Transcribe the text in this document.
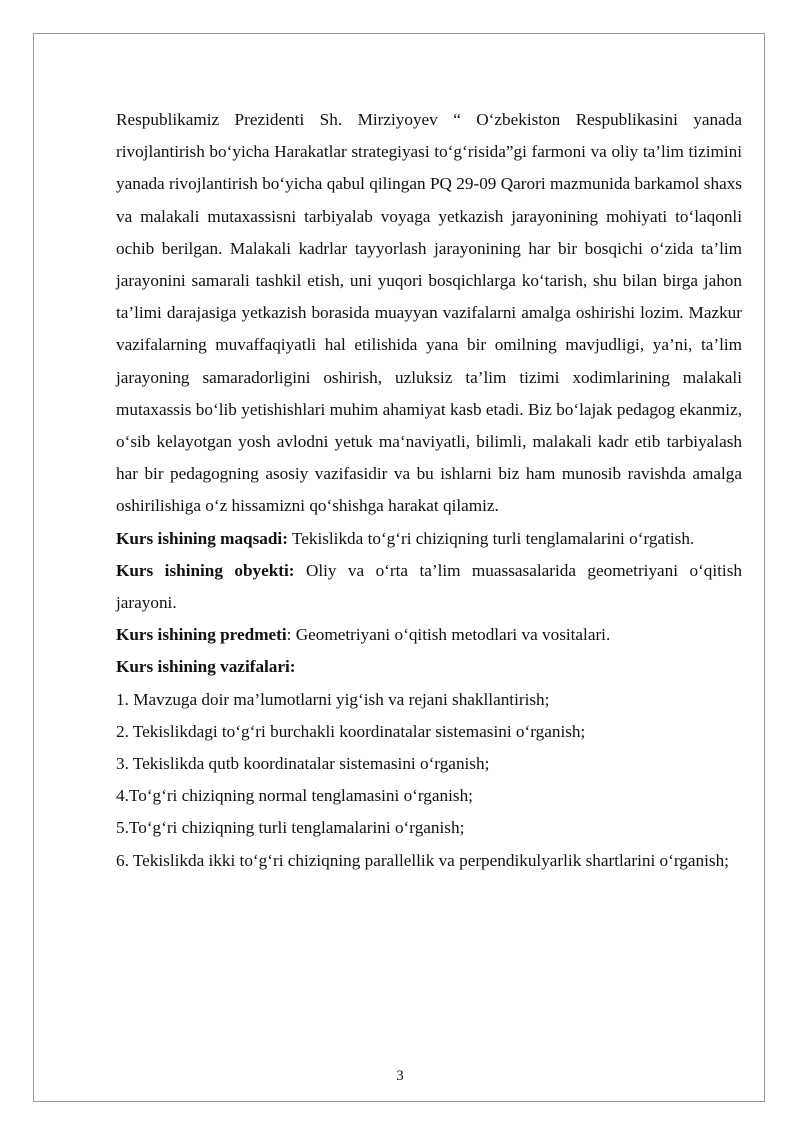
Respublikamiz Prezidenti Sh. Mirziyoyev “ O‘zbekiston Respublikasini yanada rivojlantirish bo‘yicha Harakatlar strategiyasi to‘g‘risida”gi farmoni va oliy ta’lim tizimini yanada rivojlantirish bo‘yicha qabul qilingan PQ 29-09 Qarori mazmunida barkamol shaxs va malakali mutaxassisni tarbiyalab voyaga yetkazish jarayonining mohiyati to‘laqonli ochib berilgan. Malakali kadrlar tayyorlash jarayonining har bir bosqichi o‘zida ta’lim jarayonini samarali tashkil etish, uni yuqori bosqichlarga ko‘tarish, shu bilan birga jahon ta’limi darajasiga yetkazish borasida muayyan vazifalarni amalga oshirishi lozim. Mazkur vazifalarning muvaffaqiyatli hal etilishida yana bir omilning mavjudligi, ya’ni, ta’lim jarayoning samaradorligini oshirish, uzluksiz ta’lim tizimi xodimlarining malakali mutaxassis bo‘lib yetishishlari muhim ahamiyat kasb etadi. Biz bo‘lajak pedagog ekanmiz, o‘sib kelayotgan yosh avlodni yetuk ma‘naviyatli, bilimli, malakali kadr etib tarbiyalash har bir pedagogning asosiy vazifasidir va bu ishlarni biz ham munosib ravishda amalga oshirilishiga o‘z hissamizni qo‘shishga harakat qilamiz.

Kurs ishining maqsadi: Tekislikda to‘g‘ri chiziqning turli tenglamalarini o‘rgatish.

Kurs ishining obyekti: Oliy va o‘rta ta’lim muassasalarida geometriyani o‘qitish jarayoni.

Kurs ishining predmeti: Geometriyani o‘qitish metodlari va vositalari.

Kurs ishining vazifalari:

1. Mavzuga doir ma’lumotlarni yig‘ish va rejani shakllantirish;

2. Tekislikdagi to‘g‘ri burchakli koordinatalar sistemasini o‘rganish;

3. Tekislikda qutb koordinatalar sistemasini o‘rganish;

4.To‘g‘ri chiziqning normal tenglamasini o‘rganish;

5.To‘g‘ri chiziqning turli tenglamalarini o‘rganish;

6. Tekislikda ikki to‘g‘ri chiziqning parallellik va perpendikulyarlik shartlarini o‘rganish;

3
